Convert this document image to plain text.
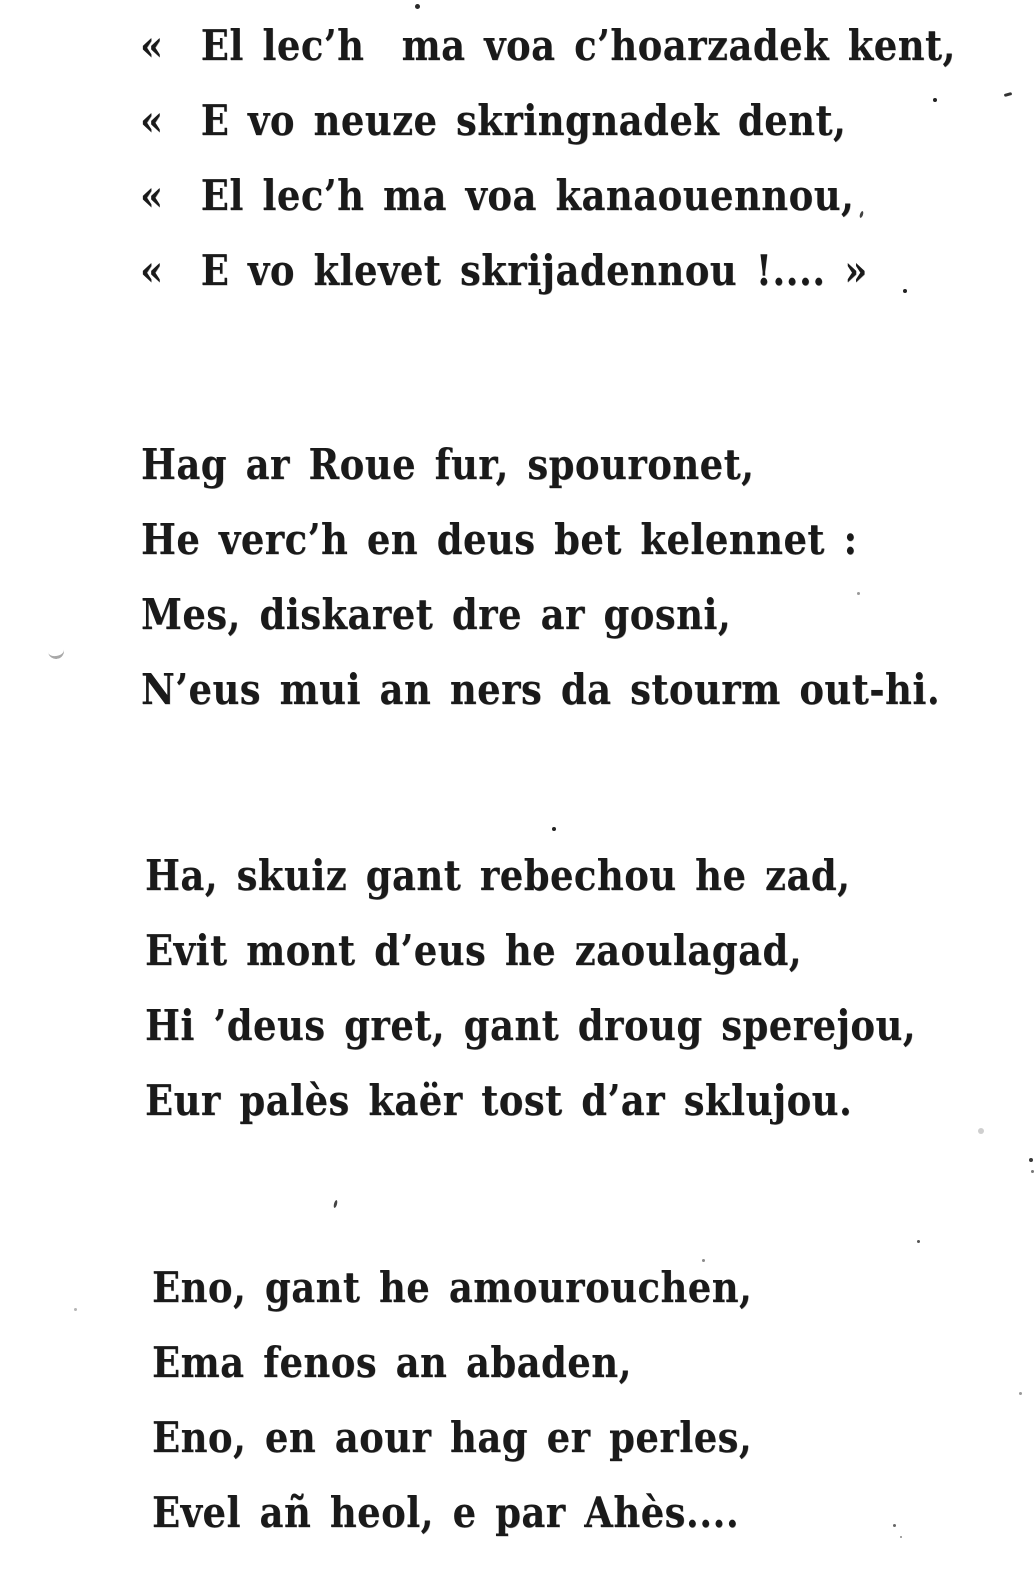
«  El lec’h  ma voa c’hoarzadek kent,
«  E vo neuze skringnadek dent,
«  El lec’h ma voa kanaouennou,
«  E vo klevet skrijadennou !.... »
Hag ar Roue fur, spouronet,
He verc’h en deus bet kelennet :
Mes, diskaret dre ar gosni,
N’eus mui an ners da stourm out-hi.
Ha, skuiz gant rebechou he zad,
Evit mont d’eus he zaoulagad,
Hi ’deus gret, gant droug sperejou,
Eur palès kaër tost d’ar sklujou.
Eno, gant he amourouchen,
Ema fenos an abaden,
Eno, en aour hag er perles,
Evel añ heol, e par Ahès....
